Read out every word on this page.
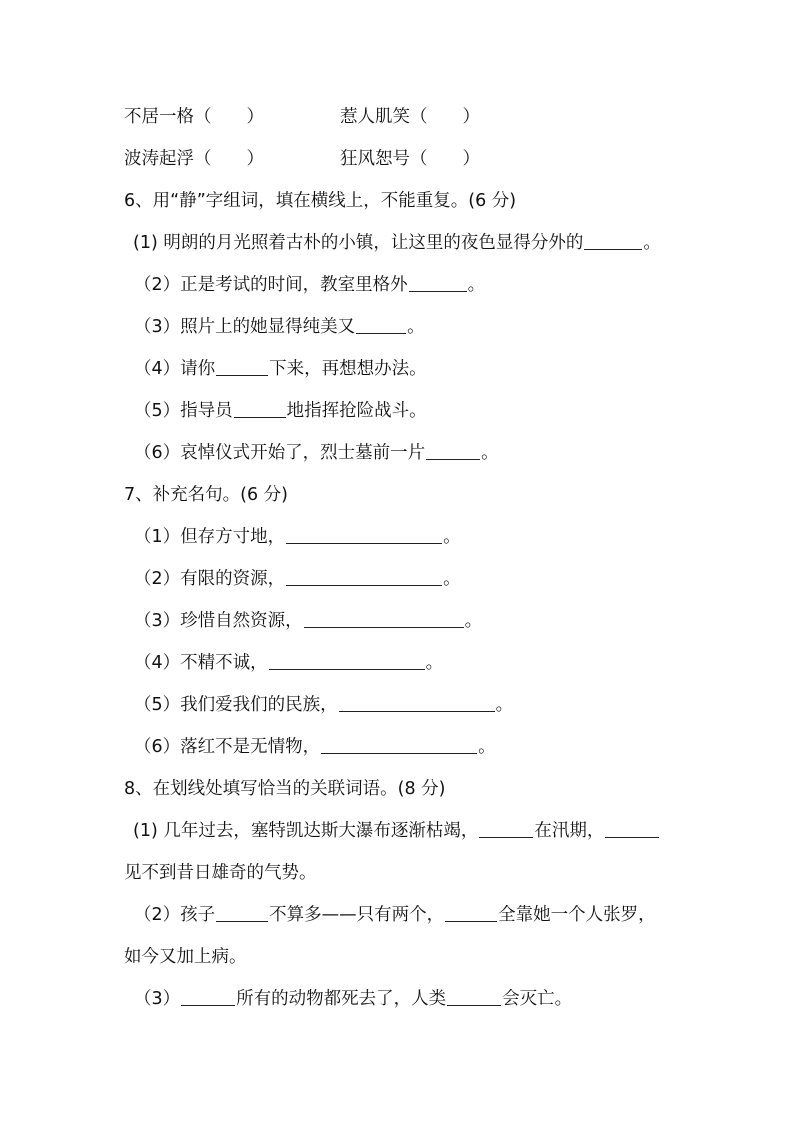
不居一格（　　）	惹人肌笑（　　）
波涛起浮（　　）	狂风恕号（　　）
6、用“静”字组词，填在横线上，不能重复。(6 分)
(1) 明朗的月光照着古朴的小镇，让这里的夜色显得分外的	。
（2）正是考试的时间，教室里格外	。
（3）照片上的她显得纯美又	。
（4）请你	下来，再想想办法。
（5）指导员	地指挥抢险战斗。
（6）哀悼仪式开始了，烈士墓前一片	。
7、补充名句。(6 分)
（1）但存方寸地，	。
（2）有限的资源，	。
（3）珍惜自然资源，	。
（4）不精不诚，	。
（5）我们爱我们的民族，	。
（6）落红不是无情物，	。
8、在划线处填写恰当的关联词语。(8 分)
(1) 几年过去，塞特凯达斯大瀑布逐渐枯竭，	在汛期，
见不到昔日雄奇的气势。
（2）孩子	不算多——只有两个，	全靠她一个人张罗，
如今又加上病。
（3）	所有的动物都死去了，人类	会灭亡。
